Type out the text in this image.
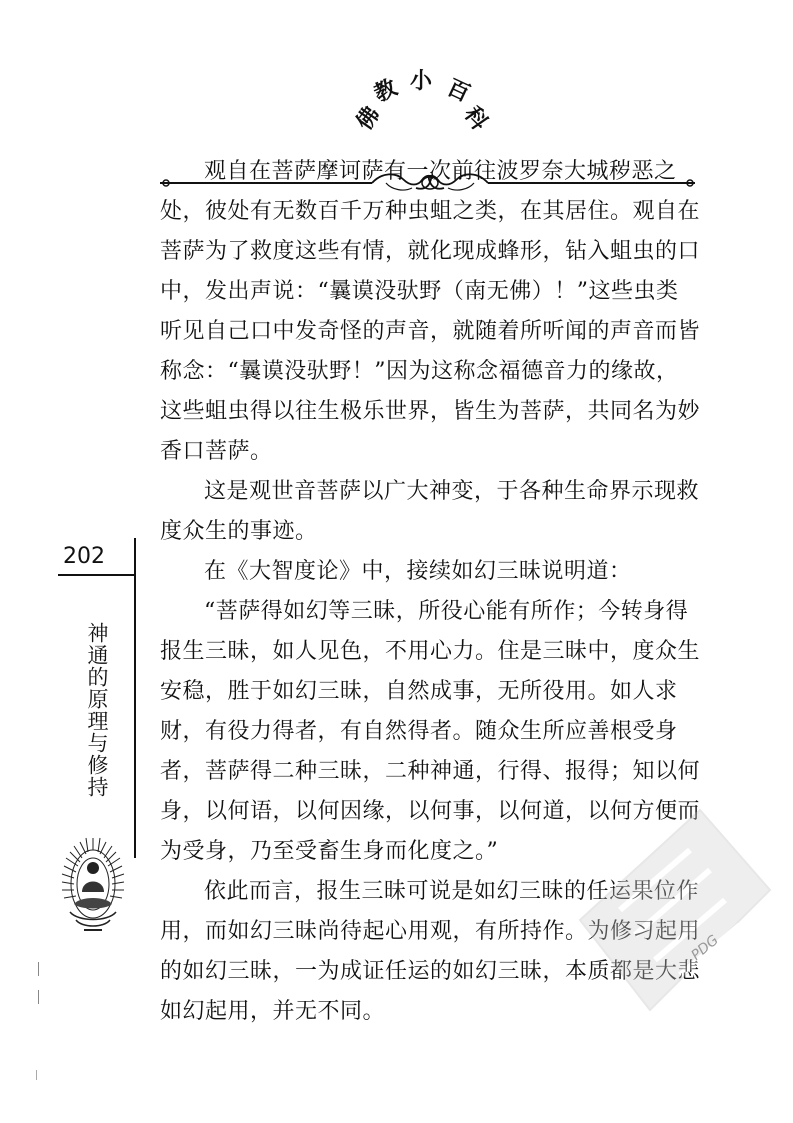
佛
教 小 百
科

观自在菩萨摩诃萨有一次前往波罗奈大城秽恶之处，彼处有无数百千万种虫蛆之类，在其居住。观自在菩萨为了救度这些有情，就化现成蜂形，钻入蛆虫的口中，发出声说：“曩谟没驮野（南无佛）！”这些虫类听见自己口中发奇怪的声音，就随着所听闻的声音而皆称念：“曩谟没驮野！”因为这称念福德音力的缘故，这些蛆虫得以往生极乐世界，皆生为菩萨，共同名为妙香口菩萨。

这是观世音菩萨以广大神变，于各种生命界示现救度众生的事迹。

在《大智度论》中，接续如幻三昧说明道：

“菩萨得如幻等三昧，所役心能有所作；今转身得报生三昧，如人见色，不用心力。住是三昧中，度众生安稳，胜于如幻三昧，自然成事，无所役用。如人求财，有役力得者，有自然得者。随众生所应善根受身者，菩萨得二种三昧，二种神通，行得、报得；知以何身，以何语，以何因缘，以何事，以何道，以何方便而为受身，乃至受畜生身而化度之。”

依此而言，报生三昧可说是如幻三昧的任运果位作用，而如幻三昧尚待起心用观，有所持作。为修习起用的如幻三昧，一为成证任运的如幻三昧，本质都是大悲如幻起用，并无不同。

202
神通的原理与修持
PDG
